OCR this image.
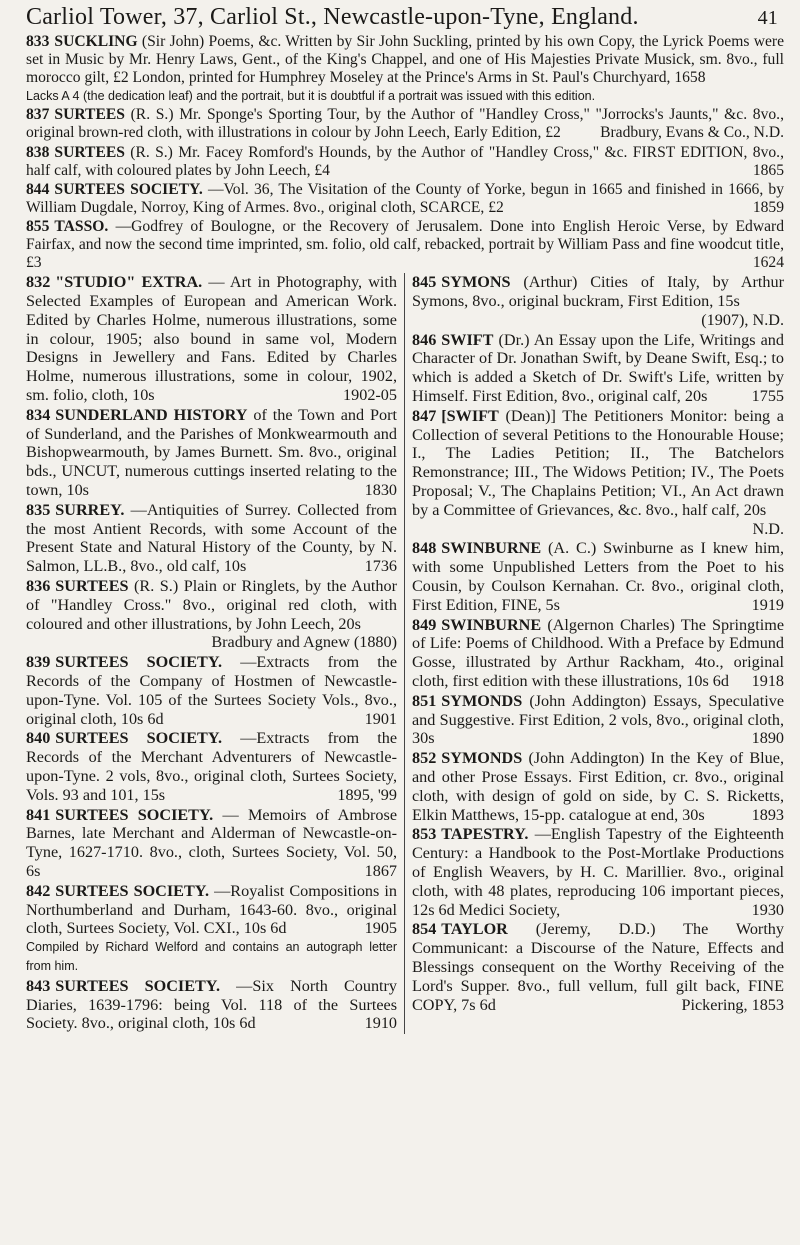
Carliol Tower, 37, Carliol St., Newcastle-upon-Tyne, England.	41
833 SUCKLING (Sir John) Poems, &c. Written by Sir John Suckling, printed by his own Copy, the Lyrick Poems were set in Music by Mr. Henry Laws, Gent., of the King's Chappel, and one of His Majesties Private Musick, sm. 8vo., full morocco gilt, £2 London, printed for Humphrey Moseley at the Prince's Arms in St. Paul's Churchyard, 1658
Lacks A 4 (the dedication leaf) and the portrait, but it is doubtful if a portrait was issued with this edition.
837 SURTEES (R. S.) Mr. Sponge's Sporting Tour, by the Author of "Handley Cross," "Jorrocks's Jaunts," &c. 8vo., original brown-red cloth, with illustrations in colour by John Leech, Early Edition, £2	Bradbury, Evans & Co., N.D.
838 SURTEES (R. S.) Mr. Facey Romford's Hounds, by the Author of "Handley Cross," &c. FIRST EDITION, 8vo., half calf, with coloured plates by John Leech, £4	1865
844 SURTEES SOCIETY. —Vol. 36, The Visitation of the County of Yorke, begun in 1665 and finished in 1666, by William Dugdale, Norroy, King of Armes. 8vo., original cloth, SCARCE, £2	1859
855 TASSO. —Godfrey of Boulogne, or the Recovery of Jerusalem. Done into English Heroic Verse, by Edward Fairfax, and now the second time imprinted, sm. folio, old calf, rebacked, portrait by William Pass and fine woodcut title, £3	1624
832 "STUDIO" EXTRA. — Art in Photography, with Selected Examples of European and American Work. Edited by Charles Holme, numerous illustrations, some in colour, 1905; also bound in same vol, Modern Designs in Jewellery and Fans. Edited by Charles Holme, numerous illustrations, some in colour, 1902, sm. folio, cloth, 10s	1902-05
834 SUNDERLAND HISTORY of the Town and Port of Sunderland, and the Parishes of Monkwearmouth and Bishopwearmouth, by James Burnett. Sm. 8vo., original bds., UNCUT, numerous cuttings inserted relating to the town, 10s	1830
835 SURREY. —Antiquities of Surrey. Collected from the most Antient Records, with some Account of the Present State and Natural History of the County, by N. Salmon, LL.B., 8vo., old calf, 10s	1736
836 SURTEES (R. S.) Plain or Ringlets, by the Author of "Handley Cross." 8vo., original red cloth, with coloured and other illustrations, by John Leech, 20s
Bradbury and Agnew (1880)
839 SURTEES SOCIETY. —Extracts from the Records of the Company of Hostmen of Newcastle-upon-Tyne. Vol. 105 of the Surtees Society Vols., 8vo., original cloth, 10s 6d	1901
840 SURTEES SOCIETY. —Extracts from the Records of the Merchant Adventurers of Newcastle-upon-Tyne. 2 vols, 8vo., original cloth, Surtees Society, Vols. 93 and 101, 15s	1895, '99
841 SURTEES SOCIETY. — Memoirs of Ambrose Barnes, late Merchant and Alderman of Newcastle-on-Tyne, 1627-1710. 8vo., cloth, Surtees Society, Vol. 50, 6s	1867
842 SURTEES SOCIETY. —Royalist Compositions in Northumberland and Durham, 1643-60. 8vo., original cloth, Surtees Society, Vol. CXI., 10s 6d	1905
Compiled by Richard Welford and contains an autograph letter from him.
843 SURTEES SOCIETY. —Six North Country Diaries, 1639-1796: being Vol. 118 of the Surtees Society. 8vo., original cloth, 10s 6d	1910
845 SYMONS (Arthur) Cities of Italy, by Arthur Symons, 8vo., original buckram, First Edition, 15s
(1907), N.D.
846 SWIFT (Dr.) An Essay upon the Life, Writings and Character of Dr. Jonathan Swift, by Deane Swift, Esq.; to which is added a Sketch of Dr. Swift's Life, written by Himself. First Edition, 8vo., original calf, 20s	1755
847 [SWIFT (Dean)] The Petitioners Monitor: being a Collection of several Petitions to the Honourable House; I., The Ladies Petition; II., The Batchelors Remonstrance; III., The Widows Petition; IV., The Poets Proposal; V., The Chaplains Petition; VI., An Act drawn by a Committee of Grievances, &c. 8vo., half calf, 20s
N.D.
848 SWINBURNE (A. C.) Swinburne as I knew him, with some Unpublished Letters from the Poet to his Cousin, by Coulson Kernahan. Cr. 8vo., original cloth, First Edition, FINE, 5s	1919
849 SWINBURNE (Algernon Charles) The Springtime of Life: Poems of Childhood. With a Preface by Edmund Gosse, illustrated by Arthur Rackham, 4to., original cloth, first edition with these illustrations, 10s 6d	1918
851 SYMONDS (John Addington) Essays, Speculative and Suggestive. First Edition, 2 vols, 8vo., original cloth, 30s	1890
852 SYMONDS (John Addington) In the Key of Blue, and other Prose Essays. First Edition, cr. 8vo., original cloth, with design of gold on side, by C. S. Ricketts, Elkin Matthews, 15-pp. catalogue at end, 30s	1893
853 TAPESTRY. —English Tapestry of the Eighteenth Century: a Handbook to the Post-Mortlake Productions of English Weavers, by H. C. Marillier. 8vo., original cloth, with 48 plates, reproducing 106 important pieces, 12s 6d Medici Society,	1930
854 TAYLOR (Jeremy, D.D.) The Worthy Communicant: a Discourse of the Nature, Effects and Blessings consequent on the Worthy Receiving of the Lord's Supper. 8vo., full vellum, full gilt back, FINE COPY, 7s 6d	Pickering, 1853
